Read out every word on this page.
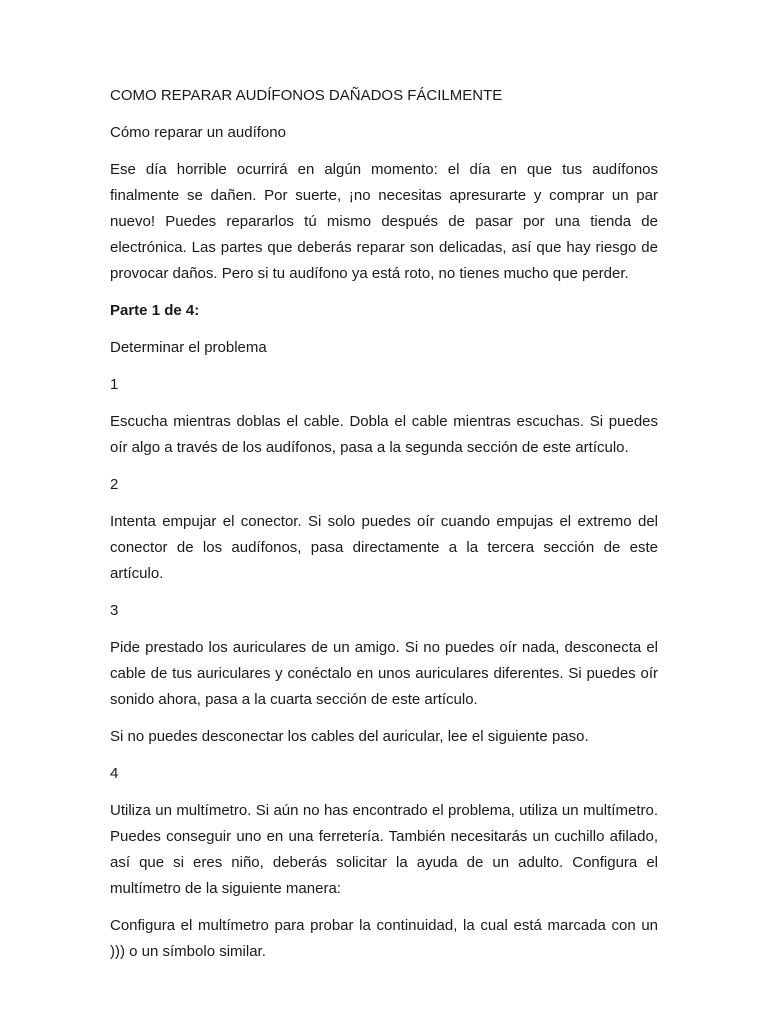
COMO REPARAR AUDÍFONOS DAÑADOS FÁCILMENTE

Cómo reparar un audífono

Ese día horrible ocurrirá en algún momento: el día en que tus audífonos finalmente se dañen. Por suerte, ¡no necesitas apresurarte y comprar un par nuevo! Puedes repararlos tú mismo después de pasar por una tienda de electrónica. Las partes que deberás reparar son delicadas, así que hay riesgo de provocar daños. Pero si tu audífono ya está roto, no tienes mucho que perder.

Parte 1 de 4:

Determinar el problema

1

Escucha mientras doblas el cable. Dobla el cable mientras escuchas. Si puedes oír algo a través de los audífonos, pasa a la segunda sección de este artículo.

2

Intenta empujar el conector. Si solo puedes oír cuando empujas el extremo del conector de los audífonos, pasa directamente a la tercera sección de este artículo.

3

Pide prestado los auriculares de un amigo. Si no puedes oír nada, desconecta el cable de tus auriculares y conéctalo en unos auriculares diferentes. Si puedes oír sonido ahora, pasa a la cuarta sección de este artículo.

Si no puedes desconectar los cables del auricular, lee el siguiente paso.

4

Utiliza un multímetro. Si aún no has encontrado el problema, utiliza un multímetro. Puedes conseguir uno en una ferretería. También necesitarás un cuchillo afilado, así que si eres niño, deberás solicitar la ayuda de un adulto. Configura el multímetro de la siguiente manera:

Configura el multímetro para probar la continuidad, la cual está marcada con un ))) o un símbolo similar.
